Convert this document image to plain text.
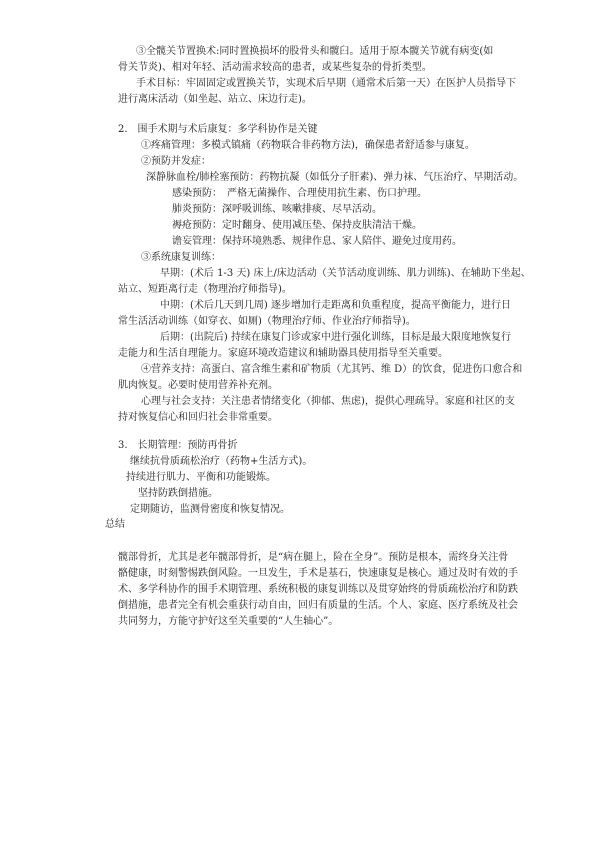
③全髋关节置换术:同时置换损坏的股骨头和髋臼。适用于原本髋关节就有病变(如
骨关节炎)、相对年轻、活动需求较高的患者，或某些复杂的骨折类型。
手术目标：牢固固定或置换关节，实现术后早期（通常术后第一天）在医护人员指导下
进行离床活动（如坐起、站立、床边行走)。
2.　围手术期与术后康复：多学科协作是关键
①疼痛管理：多模式镇痛（药物联合非药物方法)，确保患者舒适参与康复。
②预防并发症：
深静脉血栓/肺栓塞预防：药物抗凝（如低分子肝素)、弹力袜、气压治疗、早期活动。
感染预防：　严格无菌操作、合理使用抗生素、伤口护理。
肺炎预防：深呼吸训练、咳嗽排痰、尽早活动。
褥疮预防：定时翻身、使用减压垫、保持皮肤清洁干燥。
谵妄管理：保持环境熟悉、规律作息、家人陪伴、避免过度用药。
③系统康复训练：
早期：(术后 1-3 天) 床上/床边活动（关节活动度训练、肌力训练)、在辅助下坐起、
站立、短距离行走（物理治疗师指导)。
中期：(术后几天到几周) 逐步增加行走距离和负重程度，提高平衡能力，进行日
常生活活动训练（如穿衣、如厕)（物理治疗师、作业治疗师指导)。
后期：(出院后) 持续在康复门诊或家中进行强化训练，目标是最大限度地恢复行
走能力和生活自理能力。家庭环境改造建议和辅助器具使用指导至关重要。
④营养支持：高蛋白、富含维生素和矿物质（尤其钙、维 D）的饮食，促进伤口愈合和
肌肉恢复。必要时使用营养补充剂。
心理与社会支持：关注患者情绪变化（抑郁、焦虑)，提供心理疏导。家庭和社区的支
持对恢复信心和回归社会非常重要。
3.　长期管理：预防再骨折
继续抗骨质疏松治疗（药物+生活方式)。
持续进行肌力、平衡和功能锻炼。
坚持防跌倒措施。
定期随访，监测骨密度和恢复情况。
总结
髋部骨折，尤其是老年髋部骨折，是“病在腿上，险在全身”。预防是根本，需终身关注骨
骼健康，时刻警惕跌倒风险。一旦发生，手术是基石，快速康复是核心。通过及时有效的手
术、多学科协作的围手术期管理、系统积极的康复训练以及贯穿始终的骨质疏松治疗和防跌
倒措施，患者完全有机会重获行动自由，回归有质量的生活。个人、家庭、医疗系统及社会
共同努力，方能守护好这至关重要的“人生轴心”。
